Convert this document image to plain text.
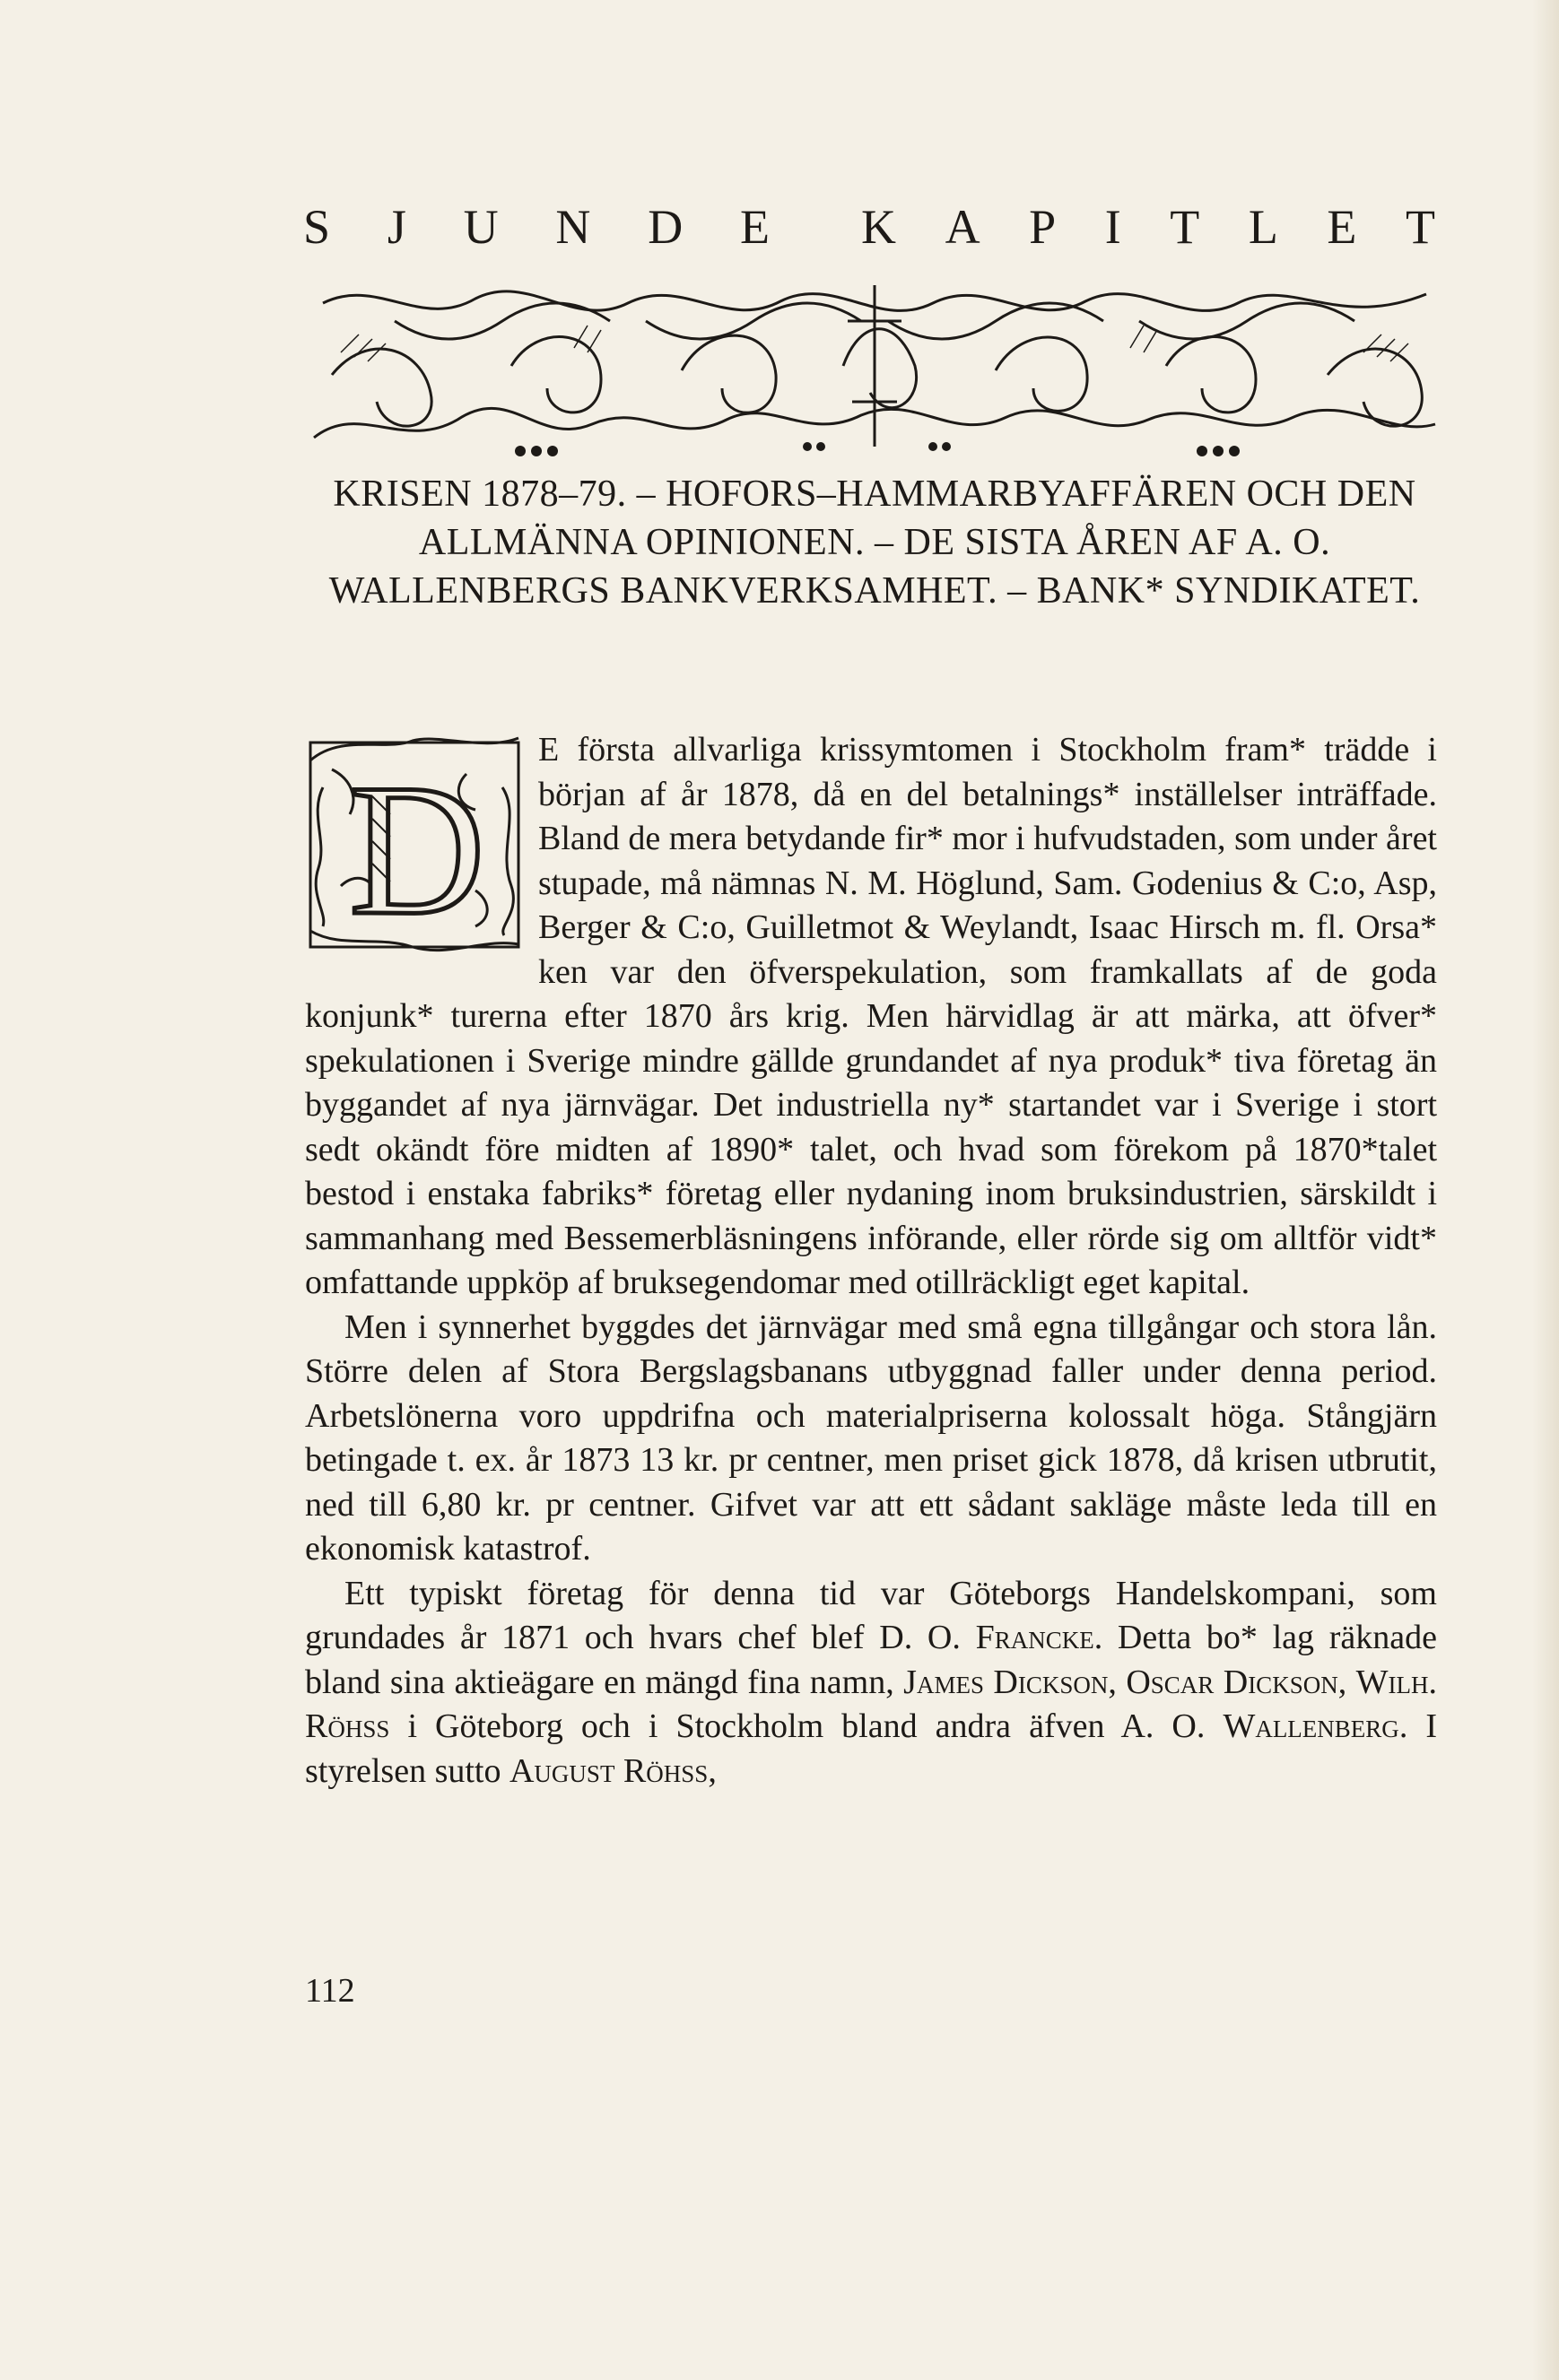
S J U N D E K A P I T L E T
KRISEN 1878–79. – HOFORS–HAMMARBYAFFÄREN OCH DEN ALLMÄNNA OPINIONEN. – DE SISTA ÅREN AF A. O. WALLENBERGS BANKVERKSAMHET. – BANK* SYNDIKATET.
D	E första allvarliga krissymtomen i Stockholm fram* trädde i början af år 1878, då en del betalnings* inställelser inträffade. Bland de mera betydande fir* mor i hufvudstaden, som under året stupade, må nämnas N. M. Höglund, Sam. Godenius & C:o, Asp, Berger & C:o, Guilletmot & Weylandt, Isaac Hirsch m. fl. Orsa* ken var den öfverspekulation, som framkallats af de goda konjunk* turerna efter 1870 års krig. Men härvidlag är att märka, att öfver* spekulationen i Sverige mindre gällde grundandet af nya produk* tiva företag än byggandet af nya järnvägar. Det industriella ny* startandet var i Sverige i stort sedt okändt före midten af 1890* talet, och hvad som förekom på 1870*talet bestod i enstaka fabriks* företag eller nydaning inom bruksindustrien, särskildt i sammanhang med Bessemerbläsningens införande, eller rörde sig om alltför vidt* omfattande uppköp af bruksegendomar med otillräckligt eget kapital.

Men i synnerhet byggdes det järnvägar med små egna tillgångar och stora lån. Större delen af Stora Bergslagsbanans utbyggnad faller under denna period. Arbetslönerna voro uppdrifna och materialpriserna kolossalt höga. Stångjärn betingade t. ex. år 1873 13 kr. pr centner, men priset gick 1878, då krisen utbrutit, ned till 6,80 kr. pr centner. Gifvet var att ett sådant sakläge måste leda till en ekonomisk katastrof.

Ett typiskt företag för denna tid var Göteborgs Handelskompani, som grundades år 1871 och hvars chef blef D. O. Francke. Detta bo* lag räknade bland sina aktieägare en mängd fina namn, James Dickson, Oscar Dickson, Wilh. Röhss i Göteborg och i Stockholm bland andra äfven A. O. Wallenberg. I styrelsen sutto August Röhss,

112
